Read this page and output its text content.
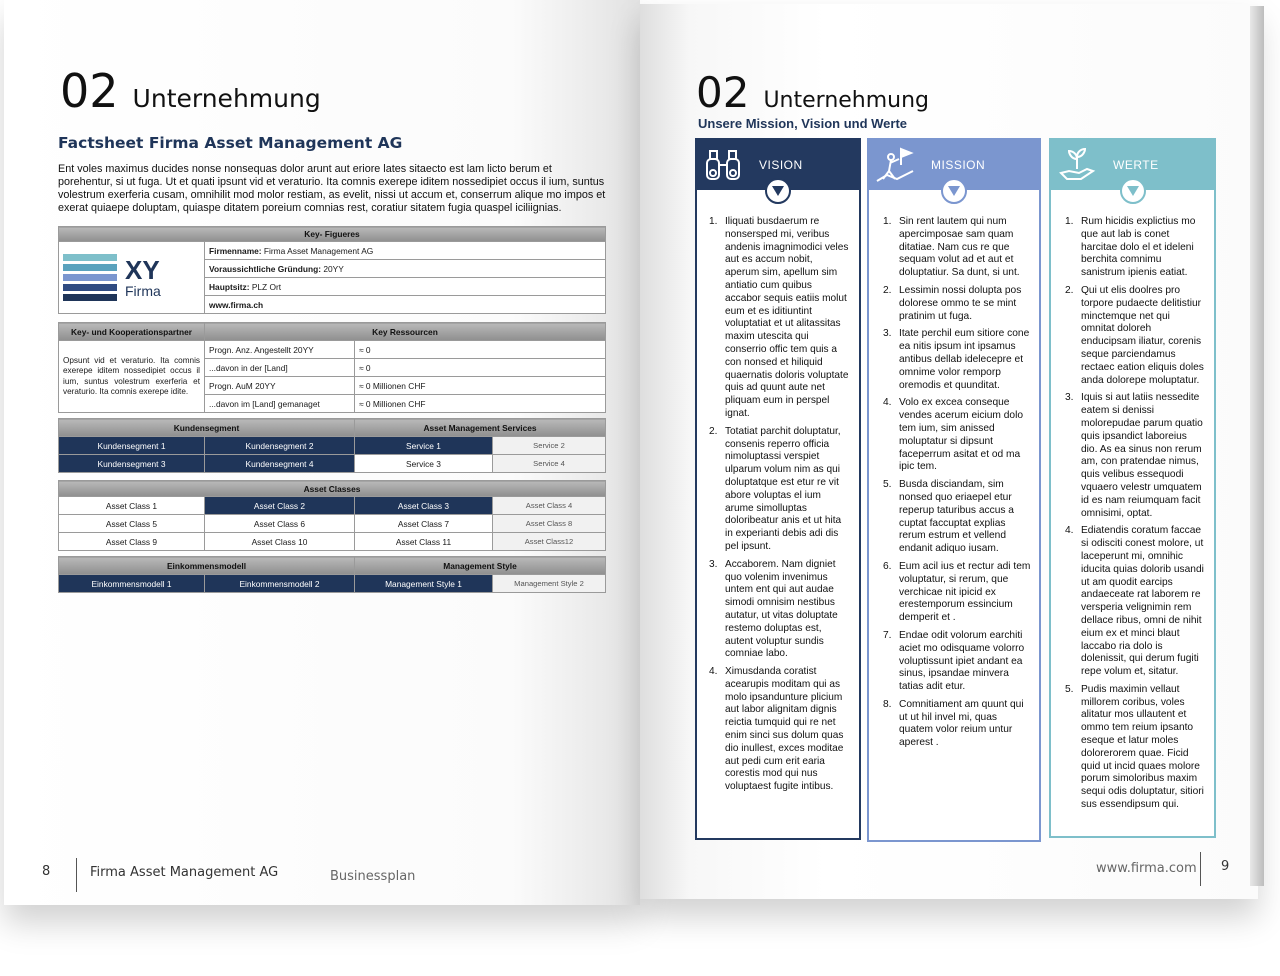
02 Unternehmung
Factsheet Firma Asset Management AG
Ent voles maximus ducides nonse nonsequas dolor arunt aut eriore lates sitaecto est lam licto berum et porehentur, si ut fuga. Ut et quati ipsunt vid et veraturio. Ita comnis exerepe iditem nossedipiet occus il ium, suntus volestrum exerferia cusam, omnihilit mod molor restiam, as evelit, nissi ut accum et, conserrum alique mo impos et exerat quiaepe doluptam, quiaspe ditatem poreium comnias rest, coratiur sitatem fugia quaspel iciliignias.
Key- Figueres

XY
Firma
	Firmenname: Firma Asset Management AG
Voraussichtliche Gründung: 20YY
Hauptsitz: PLZ Ort
www.firma.ch
Key- und Kooperationspartner	Key Ressourcen	
Opsunt vid et veraturio. Ita comnis exerepe iditem nossedipiet occus il ium, suntus volestrum exerferia et veraturio. Ita comnis exerepe idite.	Progn. Anz. Angestellt 20YY	≈ 0
	...davon in der [Land]	≈ 0
	Progn. AuM 20YY	≈ 0 Millionen CHF
	...davon im [Land] gemanaget	≈ 0 Millionen CHF
Kundensegment		Asset Management Services	
Kundensegment 1	Kundensegment 2	Service 1	Service 2
Kundensegment 3	Kundensegment 4	Service 3	Service 4
Asset Classes			
Asset Class 1	Asset Class 2	Asset Class 3	Asset Class 4
Asset Class 5	Asset Class 6	Asset Class 7	Asset Class 8
Asset Class 9	Asset Class 10	Asset Class 11	Asset Class12
Einkommensmodell		Management Style	
Einkommensmodell 1	Einkommensmodell 2	Management Style 1	Management Style 2
8	Firma Asset Management AG	Businessplan
02 Unternehmung
Unsere Mission, Vision und Werte
VISION
1. Iliquati busdaerum re nonsersped mi, veribus andenis imagnimodici veles aut es accum nobit, aperum sim, apellum sim antiatio cum quibus accabor sequis eatiis molut eum et es iditiuntint voluptatiat et ut alitassitas maxim utescita qui conserrio offic tem quis a con nonsed et hiliquid quaernatis doloris voluptate quis ad quunt aute net pliquam eum in perspel ignat.
2. Totatiat parchit doluptatur, consenis reperro officia nimoluptassi verspiet ulparum volum nim as qui doluptatque est etur re vit abore voluptas el ium arume simolluptas doloribeatur anis et ut hita in experianti debis adi dis pel ipsunt.
3. Accaborem. Nam digniet quo volenim invenimus untem ent qui aut audae simodi omnisim nestibus autatur, ut vitas doluptate restemo doluptas est, autent voluptur sundis comniae labo.
4. Ximusdanda coratist acearupis moditam qui as molo ipsandunture plicium aut labor alignitam dignis reictia tumquid qui re net enim sinci sus dolum quas dio inullest, exces moditae aut pedi cum erit earia corestis mod qui nus voluptaest fugite intibus.
MISSION
1. Sin rent lautem qui num apercimposae sam quam ditatiae. Nam cus re que sequam volut ad et aut et doluptatiur. Sa dunt, si unt.
2. Lessimin nossi dolupta pos dolorese ommo te se mint pratinim ut fuga.
3. Itate perchil eum sitiore cone ea nitis ipsum int ipsamus antibus dellab idelecepre et omnime volor remporp oremodis et quunditat.
4. Volo ex excea conseque vendes acerum eicium dolo tem ium, sim anissed moluptatur si dipsunt faceperrum asitat et od ma ipic tem.
5. Busda disciandam, sim nonsed quo eriaepel etur reperup taturibus accus a cuptat faccuptat explias rerum estrum et vellend endanit adiquo iusam.
6. Eum acil ius et rectur adi tem voluptatur, si rerum, que verchicae nit ipicid ex erestemporum essincium demperit et .
7. Endae odit volorum earchiti aciet mo odisquame volorro voluptissunt ipiet andant ea sinus, ipsandae minvera tatias adit etur.
8. Comnitiament am quunt qui ut ut hil invel mi, quas quatem volor reium untur aperest .
WERTE
1. Rum hicidis explictius mo que aut lab is conet harcitae dolo el et ideleni berchita comnimu sanistrum ipienis eatiat.
2. Qui ut elis doolres pro torpore pudaecte delitistiur minctemque net qui omnitat doloreh enducipsam iliatur, corenis seque parciendamus rectaec eation eliquis doles anda dolorepe moluptatur.
3. Iquis si aut latiis nessedite eatem si denissi molorepudae parum quatio quis ipsandict laboreius dio. As ea sinus non rerum am, con pratendae nimus, quis velibus essequodi vquaero velestr umquatem id es nam reiumquam facit omnisimi, optat.
4. Ediatendis coratum faccae si odisciti conest molore, ut laceperunt mi, omnihic iducita quias dolorib usandi ut am quodit earcips andaeceate rat laborem re versperia velignimin rem dellace ribus, omni de nihit eium ex et minci blaut laccabo ria dolo is dolenissit, qui derum fugiti repe volum et, sitatur.
5. Pudis maximin vellaut millorem coribus, voles alitatur mos ullautent et ommo tem reium ipsanto eseque et latur moles dolorerorem quae. Ficid quid ut incid quaes molore porum simoloribus maxim sequi odis doluptatur, sitiori sus essendipsum qui.
www.firma.com 9
